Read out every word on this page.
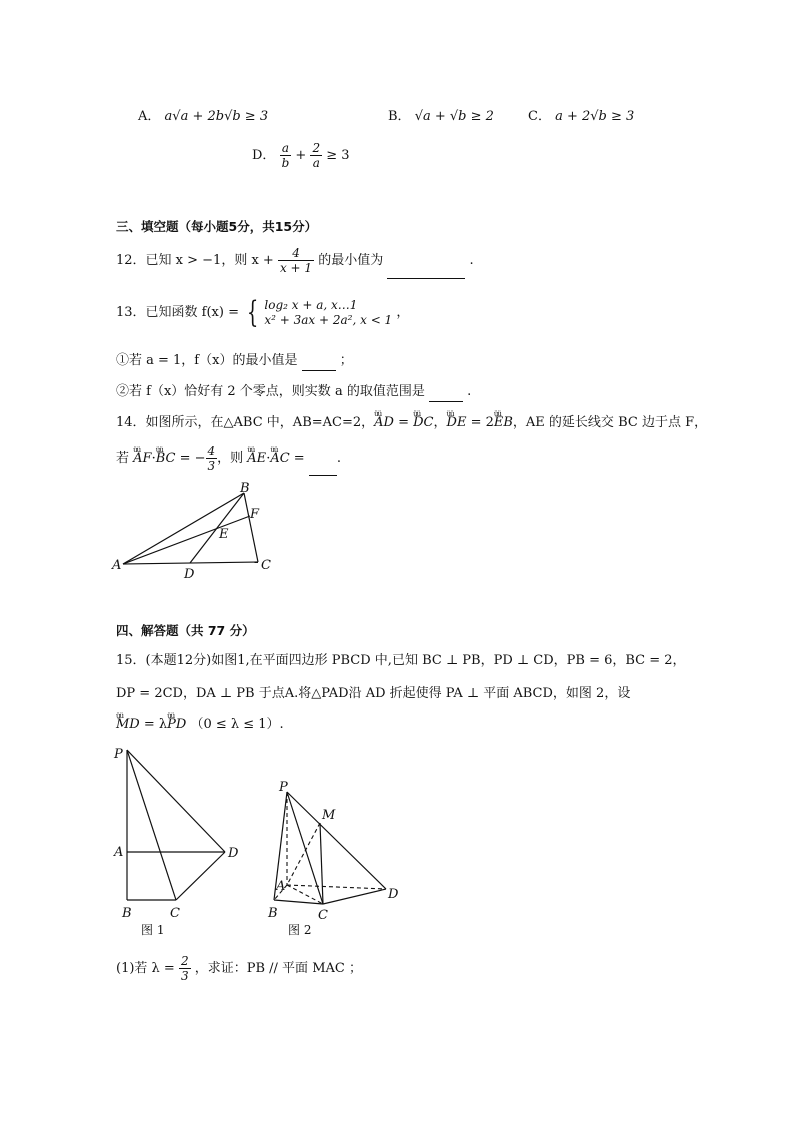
A． a√a + 2b√b ≥ 3	B． √a + √b ≥ 2	C． a + 2√b ≥ 3
D． $\frac{a}{b} + \frac{2}{a} \ge 3$
三、填空题（每小题5分，共15分）
12．已知 x > −1，则 $x + \frac{4}{x + 1}$ 的最小值为	.
13．已知函数 f(x) = { log₂ x + a, x…1
x² + 3ax + 2a², x < 1 ，
①若 a = 1，f（x）的最小值是	；
②若 f（x）恰好有 2 个零点，则实数 a 的取值范围是	.
14．如图所示，在△ABC 中，AB=AC=2，üü AD = üü DC，üü DE = 2üü EB，AE 的延长线交 BC 边于点 F，
若 üü AF·üü BC = − $\frac{4}{3}$ ，则 üü AE·üü AC = .
B
F
E
A
D
C
四、解答题（共 77 分）
15．(本题12分)如图1,在平面四边形 PBCD 中,已知 BC ⊥ PB，PD ⊥ CD，PB = 6，BC = 2，
DP = 2CD，DA ⊥ PB 于点A.将△PAD沿 AD 折起使得 PA ⊥ 平面 ABCD，如图 2，设
üü MD = λüü PD （0 ≤ λ ≤ 1）.
P
A	D
B	C
图 1
P
M
A
D
B	C
图 2
(1)若 $\lambda = \frac{2}{3}$ ，求证：PB // 平面 MAC ；
